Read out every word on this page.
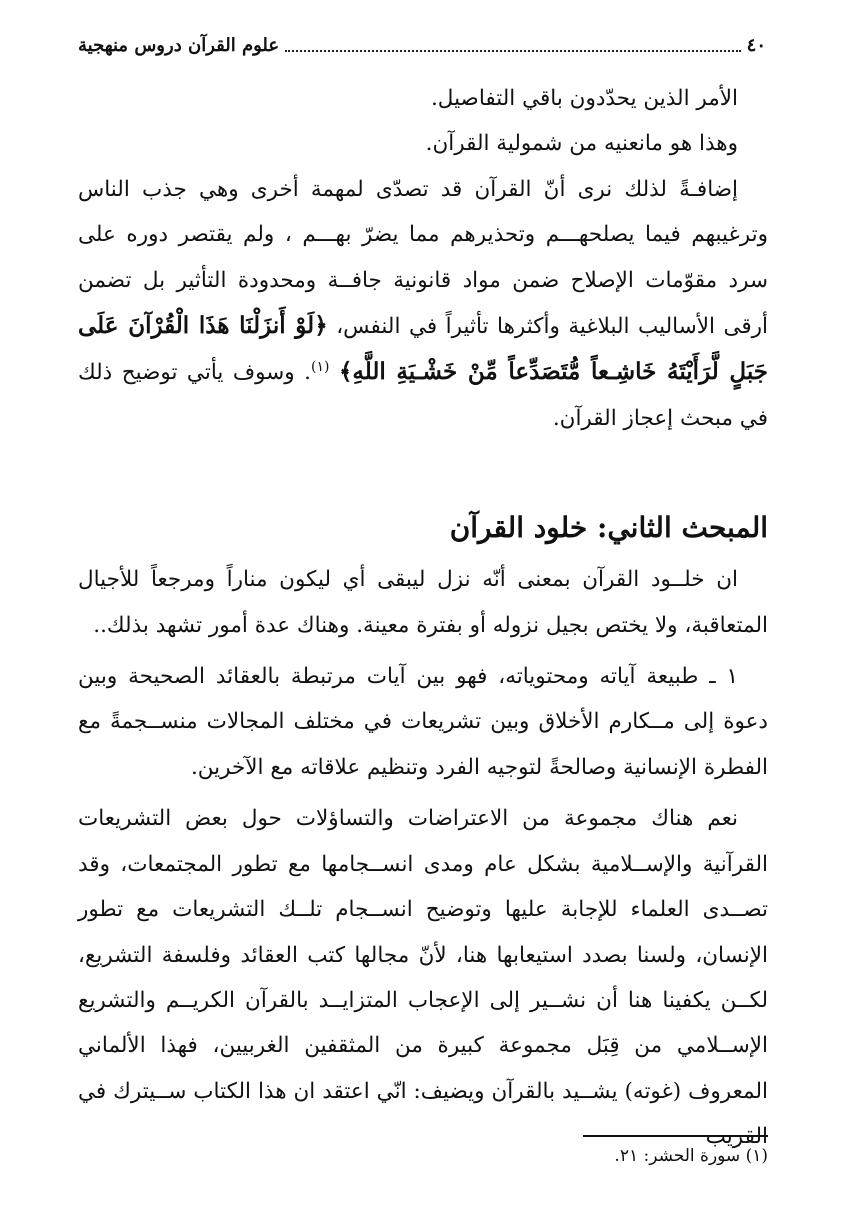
علوم القرآن دروس منهجية	٤٠

الأمر الذين يحدّدون باقي التفاصيل.

وهذا هو مانعنيه من شمولية القرآن.

إضافـةً لذلك نرى أنّ القرآن قد تصدّى لمهمة أخرى وهي جذب الناس وترغيبهم فيما يصلحهـــم وتحذيرهم مما يضرّ بهـــم ، ولم يقتصر دوره على سرد مقوّمات الإصلاح ضمن مواد قانونية جافــة ومحدودة التأثير بل تضمن أرقى الأساليب البلاغية وأكثرها تأثيراً في النفس، ﴿لَوْ أَنزَلْنَا هَذَا الْقُرْآنَ عَلَى جَبَلٍ لَّرَأَيْتَهُ خَاشِـعاً مُّتَصَدِّعاً مِّنْ خَشْـيَةِ اللَّهِ﴾ $^{(١)}$. وسوف يأتي توضيح ذلك في مبحث إعجاز القرآن.

المبحث الثاني: خلود القرآن

ان خلــود القرآن بمعنى أنّه نزل ليبقى أي ليكون مناراً ومرجعاً للأجيال المتعاقبة، ولا يختص بجيل نزوله أو بفترة معينة. وهناك عدة أمور تشهد بذلك..

١ ـ طبيعة آياته ومحتوياته، فهو بين آيات مرتبطة بالعقائد الصحيحة وبين دعوة إلى مــكارم الأخلاق وبين تشريعات في مختلف المجالات منســجمةً مع الفطرة الإنسانية وصالحةً لتوجيه الفرد وتنظيم علاقاته مع الآخرين.

نعم هناك مجموعة من الاعتراضات والتساؤلات حول بعض التشريعات القرآنية والإســلامية بشكل عام ومدى انســجامها مع تطور المجتمعات، وقد تصــدى العلماء للإجابة عليها وتوضيح انســجام تلــك التشريعات مع تطور الإنسان، ولسنا بصدد استيعابها هنا، لأنّ مجالها كتب العقائد وفلسفة التشريع، لكــن يكفينا هنا أن نشــير إلى الإعجاب المتزايــد بالقرآن الكريــم والتشريع الإســلامي من قِبَل مجموعة كبيرة من المثقفين الغربيين، فهذا الألماني المعروف (غوته) يشــيد بالقرآن ويضيف: انّي اعتقد ان هذا الكتاب ســيترك في القريب

(١) سورة الحشر: ٢١.
